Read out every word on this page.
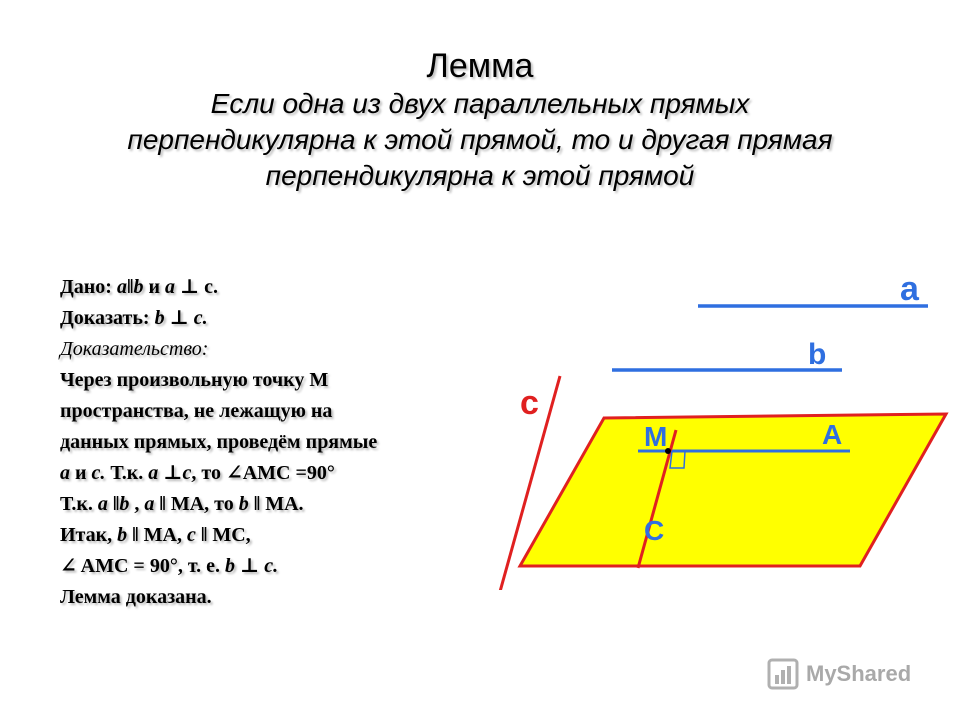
Лемма

Если одна из двух параллельных прямых

перпендикулярна к этой прямой, то и другая прямая

перпендикулярна к этой прямой

Дано: a‖b и a ⊥ c.
Доказать: b ⊥ c.
Доказательство:
Через произвольную точку M
пространства, не лежащую на
данных прямых, проведём прямые
a и c. Т.к. a ⊥c, то ∠AMC =90°
Т.к. a ‖b , a ‖ MA, то b ‖ MA.
Итак, b ‖ MA, c ‖ MC,
∠ AMC = 90°, т. е. b ⊥ c.
Лемма доказана.
a
b
c
M	A
C
MyShared
